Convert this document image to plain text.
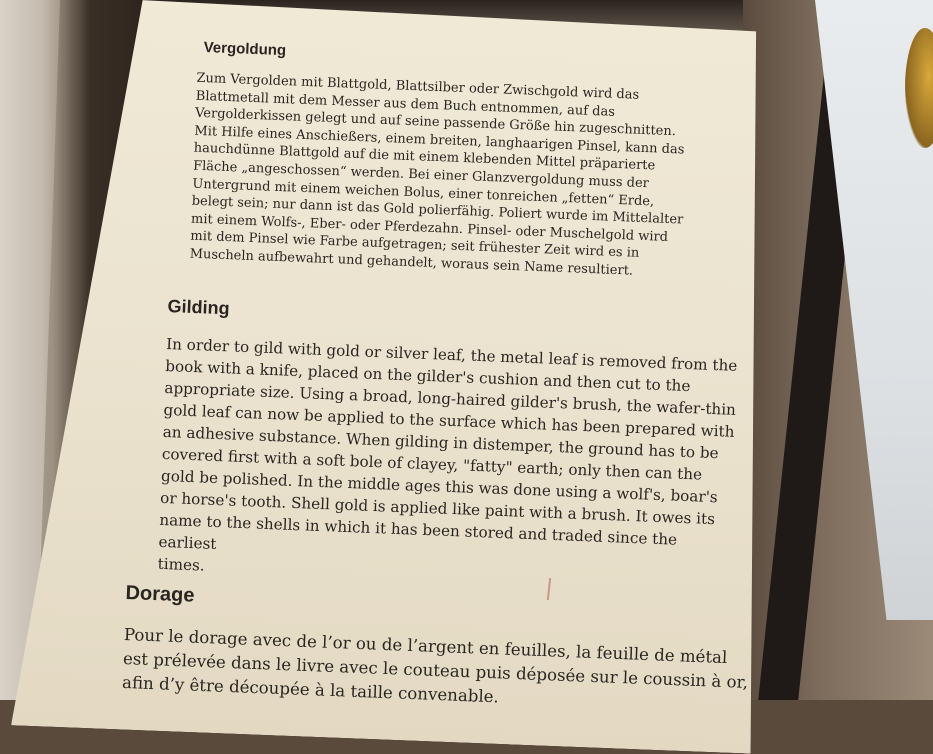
Vergoldung
Zum Vergolden mit Blattgold, Blattsilber oder Zwischgold wird das
Blattmetall mit dem Messer aus dem Buch entnommen, auf das
Vergolderkissen gelegt und auf seine passende Größe hin zugeschnitten.
Mit Hilfe eines Anschießers, einem breiten, langhaarigen Pinsel, kann das
hauchdünne Blattgold auf die mit einem klebenden Mittel präparierte
Fläche „angeschossen“ werden. Bei einer Glanzvergoldung muss der
Untergrund mit einem weichen Bolus, einer tonreichen „fetten“ Erde,
belegt sein; nur dann ist das Gold polierfähig. Poliert wurde im Mittelalter
mit einem Wolfs-, Eber- oder Pferdezahn. Pinsel- oder Muschelgold wird
mit dem Pinsel wie Farbe aufgetragen; seit frühester Zeit wird es in
Muscheln aufbewahrt und gehandelt, woraus sein Name resultiert.
Gilding
In order to gild with gold or silver leaf, the metal leaf is removed from the
book with a knife, placed on the gilder's cushion and then cut to the
appropriate size. Using a broad, long-haired gilder's brush, the wafer-thin
gold leaf can now be applied to the surface which has been prepared with
an adhesive substance. When gilding in distemper, the ground has to be
covered first with a soft bole of clayey, "fatty" earth; only then can the
gold be polished. In the middle ages this was done using a wolf's, boar's
or horse's tooth. Shell gold is applied like paint with a brush. It owes its
name to the shells in which it has been stored and traded since the earliest
times.
Dorage
Pour le dorage avec de l’or ou de l’argent en feuilles, la feuille de métal
est prélevée dans le livre avec le couteau puis déposée sur le coussin à or,
afin d’y être découpée à la taille convenable.
